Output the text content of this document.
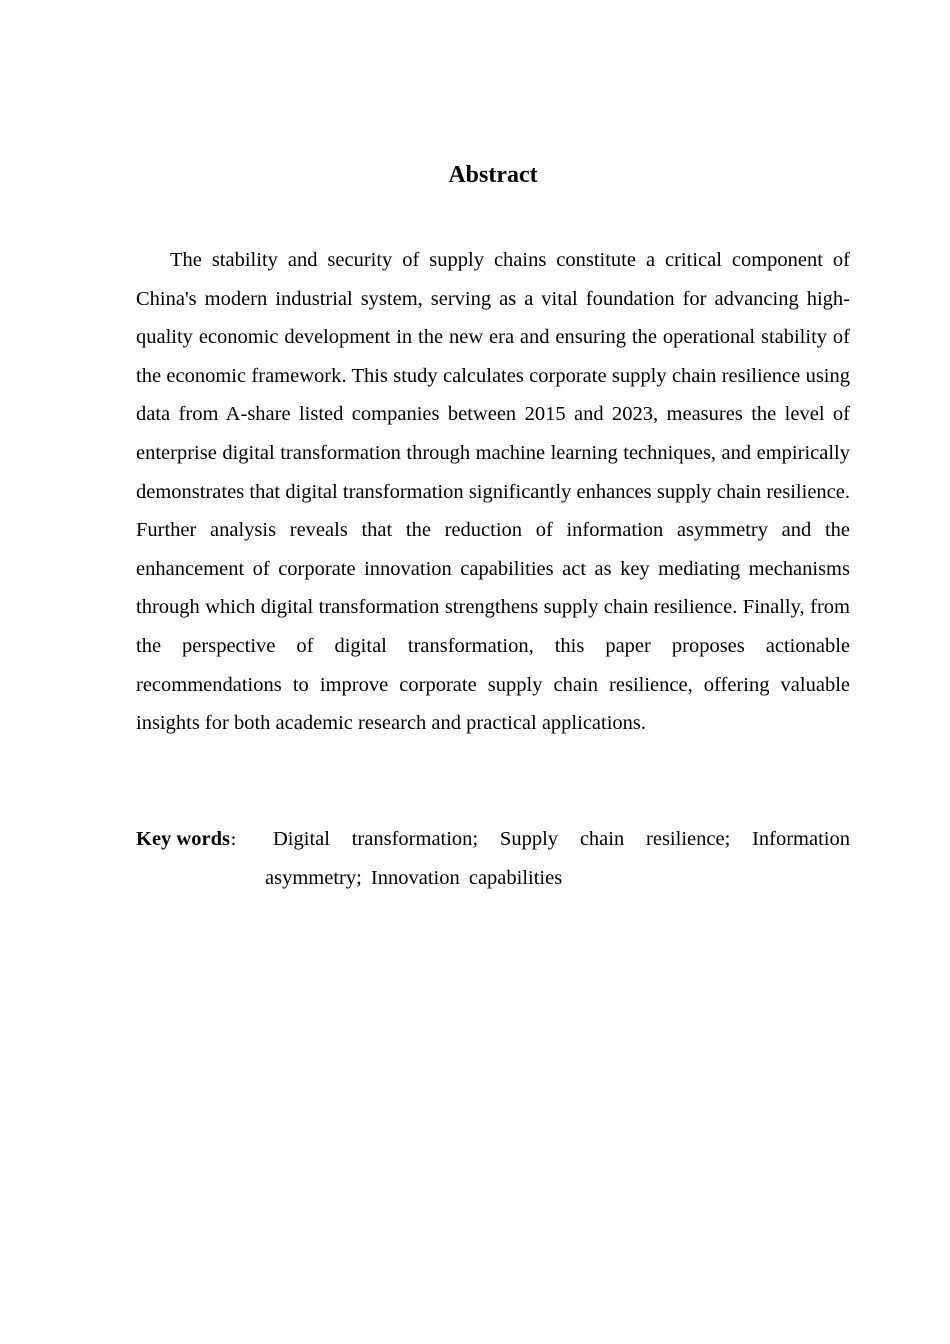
Abstract

The stability and security of supply chains constitute a critical component of China's modern industrial system, serving as a vital foundation for advancing high-quality economic development in the new era and ensuring the operational stability of the economic framework. This study calculates corporate supply chain resilience using data from A-share listed companies between 2015 and 2023, measures the level of enterprise digital transformation through machine learning techniques, and empirically demonstrates that digital transformation significantly enhances supply chain resilience. Further analysis reveals that the reduction of information asymmetry and the enhancement of corporate innovation capabilities act as key mediating mechanisms through which digital transformation strengthens supply chain resilience. Finally, from the perspective of digital transformation, this paper proposes actionable recommendations to improve corporate supply chain resilience, offering valuable insights for both academic research and practical applications.

Key words：	Digital transformation; Supply chain resilience; Information asymmetry; Innovation capabilities
